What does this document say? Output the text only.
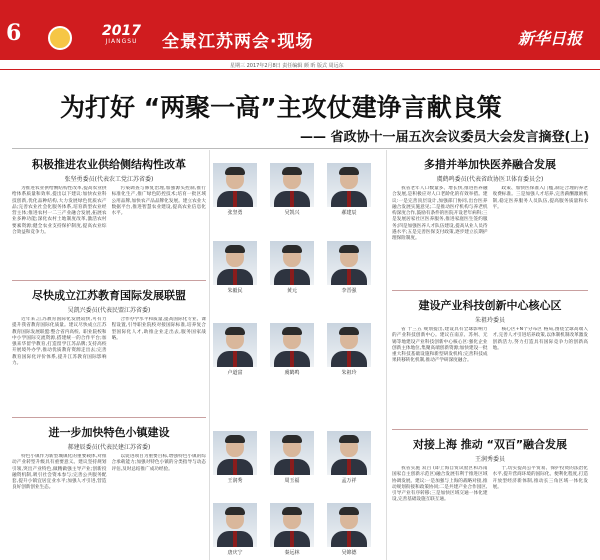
6	2017
JIANGSU 全景江苏两会·现场	新华日报
星期三 2017年2月8日 责任编辑 颜 昕 版式 周远东
为打好 “两聚一高”主攻仗建诤言献良策
—— 省政协十一届五次会议委员大会发言摘登(上)
积极推进农业供给侧结构性改革
张坚勇委员(代表农工党江苏省委)

为推进农业供给侧结构性改革,提高农业供给体系质量和效率,提出以下建议:加快农业科技创新,优化品种结构,大力发展绿色优质农产品;完善农业社会化服务体系,培育新型农业经营主体;推进农村一二三产业融合发展,拓展农业多种功能;深化农村土地制度改革,激活农村要素资源;健全农业支持保护制度,提高农业综合效益和竞争力。

污染调查与修复治理,加强源头控制,推行标准化生产,推广绿色防控技术;培育一批区域公用品牌,加快农产品品牌化发展。建立农业大数据平台,推进智慧农业建设,提高农业信息化水平。

尽快成立江苏教育国际发展联盟
吴凯兴委员(代表民盟江苏省委)

近年来,江苏教育国际化发展较快,可有力提升我省教育国际化质量。建议尽快成立江苏教育国际发展联盟:整合省内高校、职业院校和中小学国际交流资源,搭建统一的合作平台;加强来华留学教育,打造留学江苏品牌;支持高校开展境外办学,推动优质教育资源走出去;完善教育国际化评价体系,提升江苏教育国际影响力。

合作办学水平和质量,提高国际化专业、课程设置,引导职业院校对接国际标准,培养复合型国际化人才,助推企业走出去,服务国家战略。

进一步加快特色小镇建设
郝建辰委员(代表民建江苏省委)

特色小镇作为新型城镇化的重要载体,对推动产业转型升级具有重要意义。建议坚持规划引领,突出产业特色,做精做强主导产业;创新投融资机制,吸引社会资本参与;完善公共服务配套,提升小镇宜居宜业水平;加强人才引进,营造良好创新创业生态。

以促进项目为重要目标,增强特色小镇的综合承载能力;加强对特色小镇的分类指导与动态评估,及时总结推广成功经验。

张坚勇	吴凯兴	郝建辰
朱毅民	黄元	李晋强
卢道富	虞鹤鸣	朱祖玲
王润秀	周玉福	孟万祥
唐庆宁	秦远林	吴锦德
多措并举加快医养融合发展
虞鹤鸣委员(代表省政协医卫体育委员会)

我省老年人口数量多、增长快,推进医养融合发展,是积极应对人口老龄化的有效举措。建议:一是完善顶层设计,加强部门协同,出台医养融合发展实施意见;二是推动医疗机构与养老机构深度合作,鼓励有条件的医院开设老年病科;三是发展居家社区医养服务,推进家庭医生签约服务;四是加强医养人才队伍建设,提高从业人员待遇水平;五是完善医保支付政策,逐步建立长期护理保险制度。

政策、加快医保准入门槛,制定合理的养老收费标准。三是加强人才培养,完善薪酬激励机制,稳定医养服务人员队伍,提高服务质量和水平。

建设产业科技创新中心核心区
朱祖玲委员

省 十三五 规划提出,建设具有全球影响力的产业科技创新中心。建议在南京、苏州、无锡等地建设产业科技创新中心核心区:强化企业创新主体地位,集聚高端创新资源;加快建设一批重大科技基础设施和新型研发机构;完善科技成果转移转化机制,推动产学研深度融合。

核心区+N个分布区 格局,围绕全球高端人才,完善人才引进培养政策,以体制机制改革激发创新活力,努力打造具有国际竞争力的创新高地。

对接上海 推动 “双百”融合发展
王润秀委员

我省实施 双百 (即上海自贸试验区和苏南国家自主创新示范区)融合发展有利于推进区域协调发展。建议:一是加强与上海的战略对接,推动规划衔接和政策协同;二是共建产业合作园区,引导产业有序转移;三是加快区域交通一体化建设,完善基础设施互联互通。

于,切实提高公平贸易、保护投资的法治化水平,提升营商环境的国际化、便利化程度,打造开放型经济新体制,推动长三角区域一体化发展。
